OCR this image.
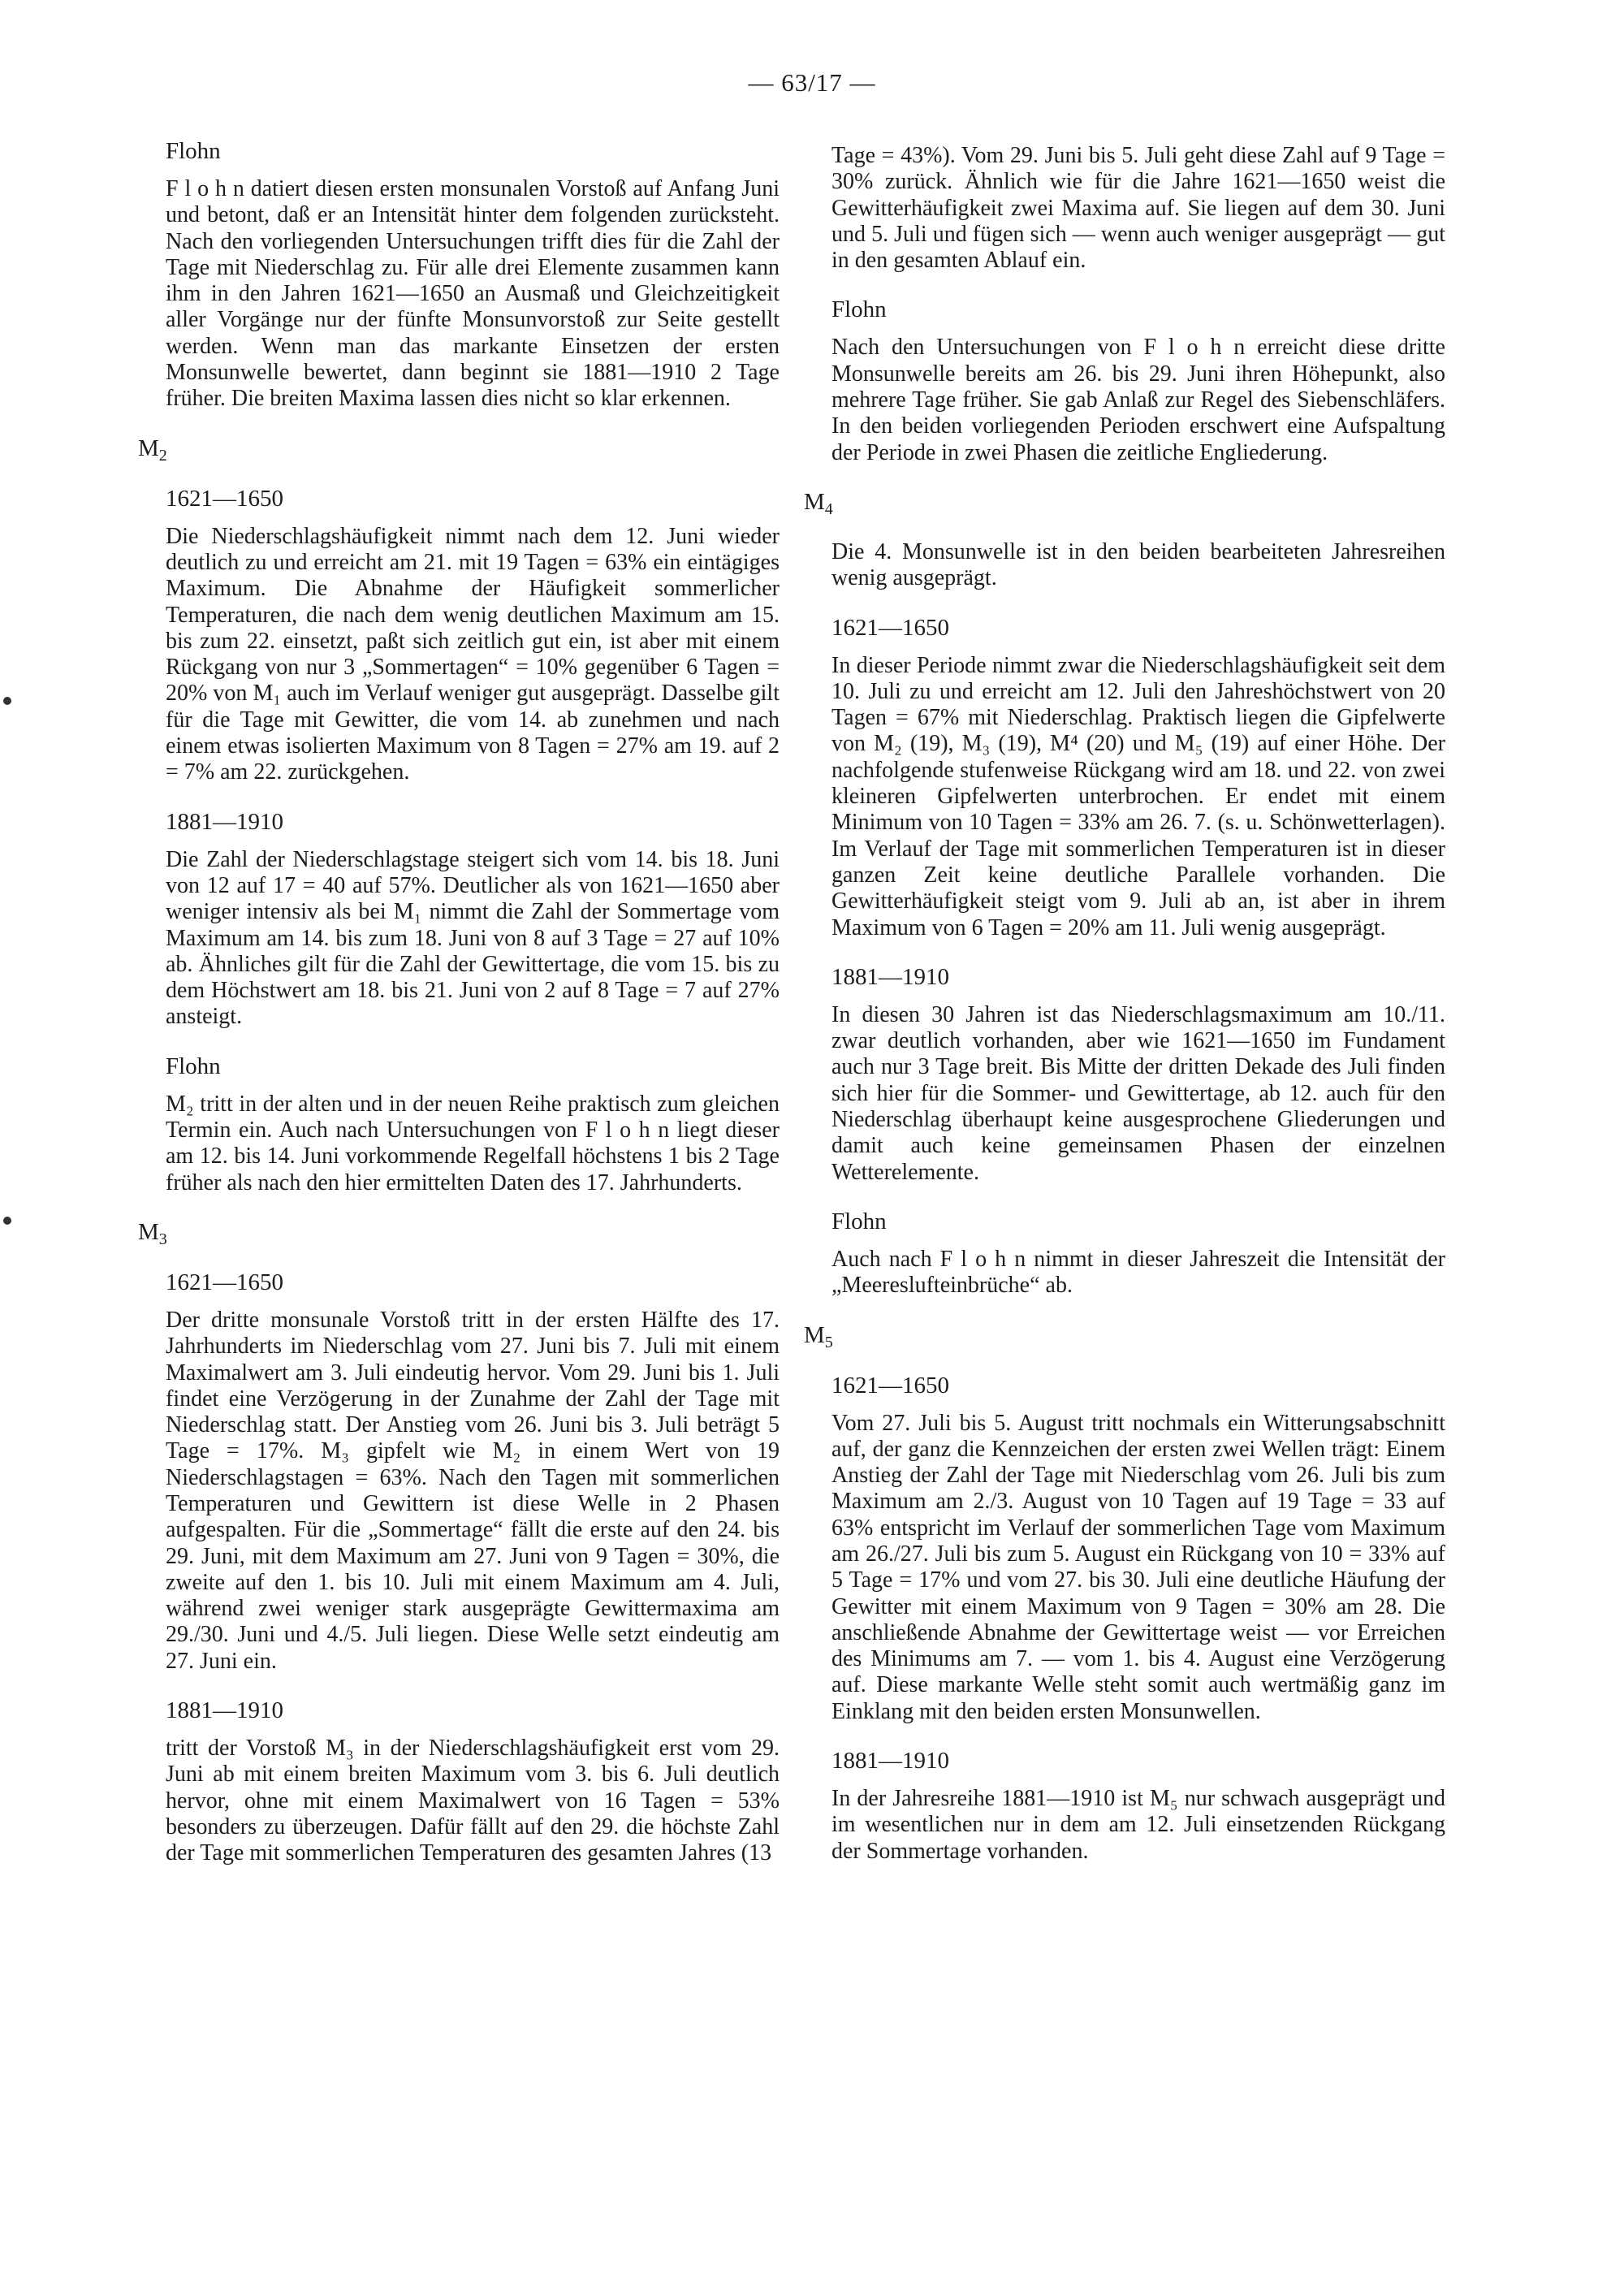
— 63/17 —
Flohn
F l o h n datiert diesen ersten monsunalen Vorstoß auf Anfang Juni und betont, daß er an Intensität hinter dem folgenden zurücksteht. Nach den vorliegenden Untersuchungen trifft dies für die Zahl der Tage mit Niederschlag zu. Für alle drei Elemente zusammen kann ihm in den Jahren 1621—1650 an Ausmaß und Gleichzeitigkeit aller Vorgänge nur der fünfte Monsunvorstoß zur Seite gestellt werden. Wenn man das markante Einsetzen der ersten Monsunwelle bewertet, dann beginnt sie 1881—1910 2 Tage früher. Die breiten Maxima lassen dies nicht so klar erkennen.
$M_2$
1621—1650
Die Niederschlagshäufigkeit nimmt nach dem 12. Juni wieder deutlich zu und erreicht am 21. mit 19 Tagen = 63% ein eintägiges Maximum. Die Abnahme der Häufigkeit sommerlicher Temperaturen, die nach dem wenig deutlichen Maximum am 15. bis zum 22. einsetzt, paßt sich zeitlich gut ein, ist aber mit einem Rückgang von nur 3 „Sommertagen“ = 10% gegenüber 6 Tagen = 20% von M₁ auch im Verlauf weniger gut ausgeprägt. Dasselbe gilt für die Tage mit Gewitter, die vom 14. ab zunehmen und nach einem etwas isolierten Maximum von 8 Tagen = 27% am 19. auf 2 = 7% am 22. zurückgehen.
1881—1910
Die Zahl der Niederschlagstage steigert sich vom 14. bis 18. Juni von 12 auf 17 = 40 auf 57%. Deutlicher als von 1621—1650 aber weniger intensiv als bei M₁ nimmt die Zahl der Sommertage vom Maximum am 14. bis zum 18. Juni von 8 auf 3 Tage = 27 auf 10% ab. Ähnliches gilt für die Zahl der Gewittertage, die vom 15. bis zu dem Höchstwert am 18. bis 21. Juni von 2 auf 8 Tage = 7 auf 27% ansteigt.
Flohn
M₂ tritt in der alten und in der neuen Reihe praktisch zum gleichen Termin ein. Auch nach Untersuchungen von F l o h n liegt dieser am 12. bis 14. Juni vorkommende Regelfall höchstens 1 bis 2 Tage früher als nach den hier ermittelten Daten des 17. Jahrhunderts.
$M_3$
1621—1650
Der dritte monsunale Vorstoß tritt in der ersten Hälfte des 17. Jahrhunderts im Niederschlag vom 27. Juni bis 7. Juli mit einem Maximalwert am 3. Juli eindeutig hervor. Vom 29. Juni bis 1. Juli findet eine Verzögerung in der Zunahme der Zahl der Tage mit Niederschlag statt. Der Anstieg vom 26. Juni bis 3. Juli beträgt 5 Tage = 17%. M₃ gipfelt wie M₂ in einem Wert von 19 Niederschlagstagen = 63%. Nach den Tagen mit sommerlichen Temperaturen und Gewittern ist diese Welle in 2 Phasen aufgespalten. Für die „Sommertage“ fällt die erste auf den 24. bis 29. Juni, mit dem Maximum am 27. Juni von 9 Tagen = 30%, die zweite auf den 1. bis 10. Juli mit einem Maximum am 4. Juli, während zwei weniger stark ausgeprägte Gewittermaxima am 29./30. Juni und 4./5. Juli liegen. Diese Welle setzt eindeutig am 27. Juni ein.
1881—1910
tritt der Vorstoß M₃ in der Niederschlagshäufigkeit erst vom 29. Juni ab mit einem breiten Maximum vom 3. bis 6. Juli deutlich hervor, ohne mit einem Maximalwert von 16 Tagen = 53% besonders zu überzeugen. Dafür fällt auf den 29. die höchste Zahl der Tage mit sommerlichen Temperaturen des gesamten Jahres (13
Tage = 43%). Vom 29. Juni bis 5. Juli geht diese Zahl auf 9 Tage = 30% zurück. Ähnlich wie für die Jahre 1621—1650 weist die Gewitterhäufigkeit zwei Maxima auf. Sie liegen auf dem 30. Juni und 5. Juli und fügen sich — wenn auch weniger ausgeprägt — gut in den gesamten Ablauf ein.
Flohn
Nach den Untersuchungen von F l o h n erreicht diese dritte Monsunwelle bereits am 26. bis 29. Juni ihren Höhepunkt, also mehrere Tage früher. Sie gab Anlaß zur Regel des Siebenschläfers. In den beiden vorliegenden Perioden erschwert eine Aufspaltung der Periode in zwei Phasen die zeitliche Engliederung.
$M_4$
Die 4. Monsunwelle ist in den beiden bearbeiteten Jahresreihen wenig ausgeprägt.
1621—1650
In dieser Periode nimmt zwar die Niederschlagshäufigkeit seit dem 10. Juli zu und erreicht am 12. Juli den Jahreshöchstwert von 20 Tagen = 67% mit Niederschlag. Praktisch liegen die Gipfelwerte von M₂ (19), M₃ (19), M⁴ (20) und M₅ (19) auf einer Höhe. Der nachfolgende stufenweise Rückgang wird am 18. und 22. von zwei kleineren Gipfelwerten unterbrochen. Er endet mit einem Minimum von 10 Tagen = 33% am 26. 7. (s. u. Schönwetterlagen). Im Verlauf der Tage mit sommerlichen Temperaturen ist in dieser ganzen Zeit keine deutliche Parallele vorhanden. Die Gewitterhäufigkeit steigt vom 9. Juli ab an, ist aber in ihrem Maximum von 6 Tagen = 20% am 11. Juli wenig ausgeprägt.
1881—1910
In diesen 30 Jahren ist das Niederschlagsmaximum am 10./11. zwar deutlich vorhanden, aber wie 1621—1650 im Fundament auch nur 3 Tage breit. Bis Mitte der dritten Dekade des Juli finden sich hier für die Sommer- und Gewittertage, ab 12. auch für den Niederschlag überhaupt keine ausgesprochene Gliederungen und damit auch keine gemeinsamen Phasen der einzelnen Wetterelemente.
Flohn
Auch nach F l o h n nimmt in dieser Jahreszeit die Intensität der „Meereslufteinbrüche“ ab.
$M_5$
1621—1650
Vom 27. Juli bis 5. August tritt nochmals ein Witterungsabschnitt auf, der ganz die Kennzeichen der ersten zwei Wellen trägt: Einem Anstieg der Zahl der Tage mit Niederschlag vom 26. Juli bis zum Maximum am 2./3. August von 10 Tagen auf 19 Tage = 33 auf 63% entspricht im Verlauf der sommerlichen Tage vom Maximum am 26./27. Juli bis zum 5. August ein Rückgang von 10 = 33% auf 5 Tage = 17% und vom 27. bis 30. Juli eine deutliche Häufung der Gewitter mit einem Maximum von 9 Tagen = 30% am 28. Die anschließende Abnahme der Gewittertage weist — vor Erreichen des Minimums am 7. — vom 1. bis 4. August eine Verzögerung auf. Diese markante Welle steht somit auch wertmäßig ganz im Einklang mit den beiden ersten Monsunwellen.
1881—1910
In der Jahresreihe 1881—1910 ist M₅ nur schwach ausgeprägt und im wesentlichen nur in dem am 12. Juli einsetzenden Rückgang der Sommertage vorhanden.
